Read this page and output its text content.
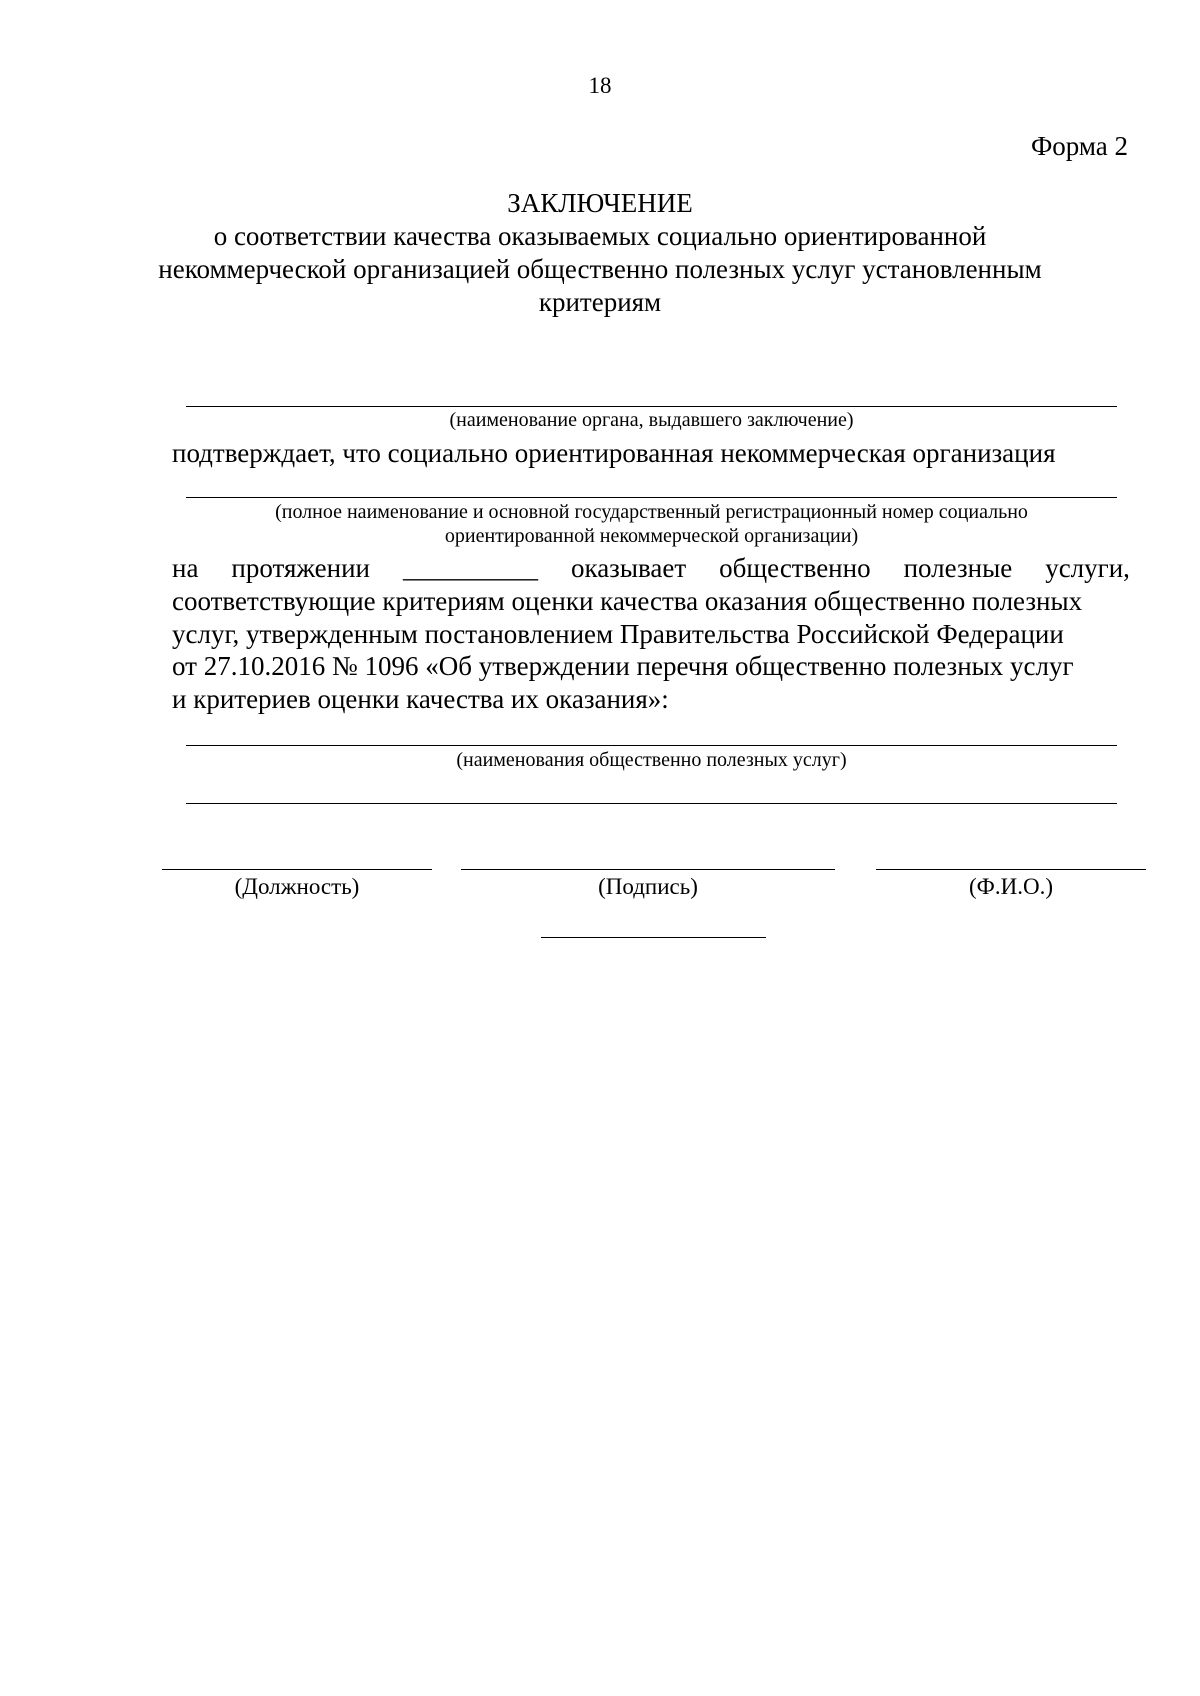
18
Форма 2
ЗАКЛЮЧЕНИЕ
о соответствии качества оказываемых социально ориентированной
некоммерческой организацией общественно полезных услуг установленным
критериям
(наименование органа, выдавшего заключение)
подтверждает, что социально ориентированная некоммерческая организация
(полное наименование и основной государственный регистрационный номер социально
ориентированной некоммерческой организации)
на протяжении __________ оказывает общественно полезные услуги,
соответствующие критериям оценки качества оказания общественно полезных
услуг, утвержденным постановлением Правительства Российской Федерации
от 27.10.2016 № 1096 «Об утверждении перечня общественно полезных услуг
и критериев оценки качества их оказания»:
(наименования общественно полезных услуг)
(Должность)	(Подпись)	(Ф.И.О.)
